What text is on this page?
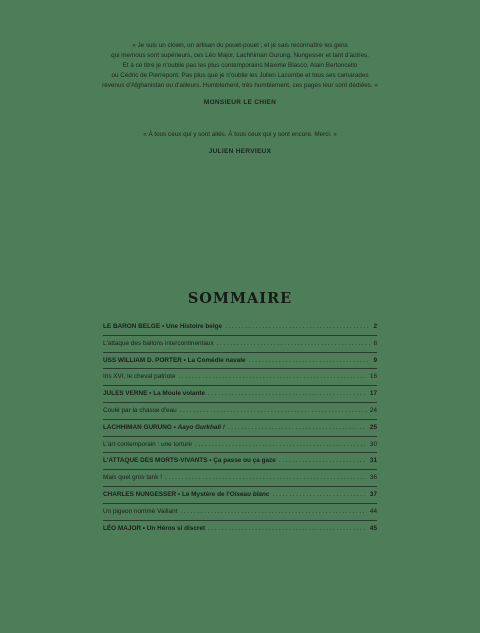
« Je suis un clown, un artisan du pouet-pouet ; et je sais reconnaître les gens
qui me/nous sont supérieurs, ces Léo Major, Lachhiman Gurung, Nungesser et tant d'autres.
Et à ce titre je n'oublie pas les plus contemporains Maxime Blasco, Alain Bertoncello
ou Cédric de Pierrepont. Pas plus que je n'oublie les Julien Lacombe et tous ses camarades
revenus d'Afghanistan ou d'ailleurs. Humblement, très humblement, ces pages leur sont dédiées. »
MONSIEUR LE CHIEN
« À tous ceux qui y sont allés. À tous ceux qui y sont encore. Merci. »
JULIEN HERVIEUX
SOMMAIRE
LE BARON BELGE • Une Histoire belge .....	2
L'attaque des ballons intercontinentaux .....	8
USS WILLIAM D. PORTER • La Comédie navale .....	9
Iris XVI, le cheval patriote .....	16
JULES VERNE • La Moule volante .....	17
Coulé par la chasse d'eau .....	24
LACHHIMAN GURUNG • Aayo Gurkhali ! .....	25
L'art contemporain : une torture .....	30
L'ATTAQUE DES MORTS-VIVANTS • Ça passe ou ça gaze .....	31
Mais quel gros tank ! .....	36
CHARLES NUNGESSER • Le Mystère de l'Oiseau blanc .....	37
Un pigeon nommé Vaillant .....	44
LÉO MAJOR • Un Héros si discret .....	45
